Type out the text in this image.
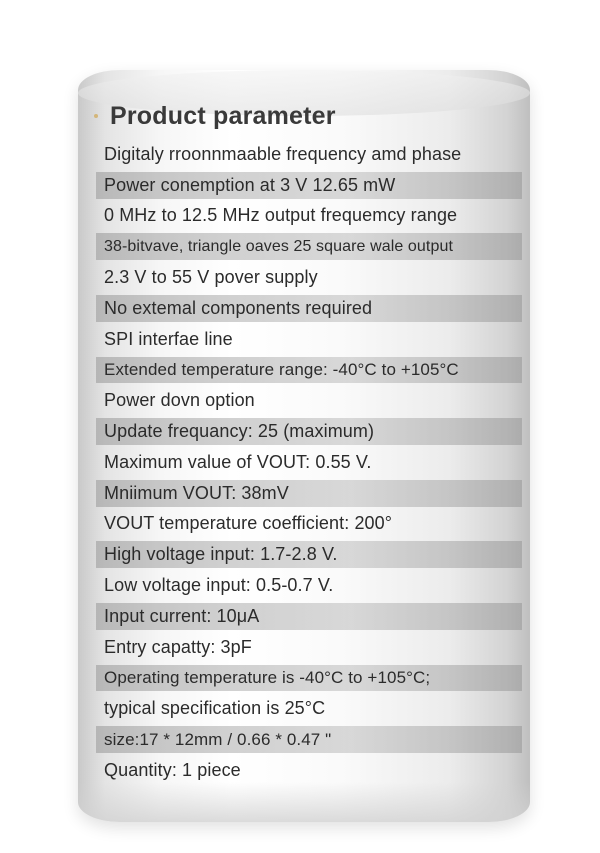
Product parameter
Digitaly rroonnmaable frequency amd phase
Power conemption at 3 V 12.65 mW
0 MHz to 12.5 MHz output frequemcy range
38-bitvave, triangle oaves 25 square wale output
2.3 V to 55 V pover supply
No extemal components required
SPI interfae line
Extended temperature range: -40°C to +105°C
Power dovn option
Update frequancy: 25 (maximum)
Maximum value of VOUT: 0.55 V.
Mniimum VOUT: 38mV
VOUT temperature coefficient: 200°
High voltage input: 1.7-2.8 V.
Low voltage input: 0.5-0.7 V.
Input current: 10μA
Entry capatty: 3pF
Operating temperature is -40°C to +105°C;
typical specification is 25°C
size:17 * 12mm / 0.66 * 0.47 "
Quantity: 1 piece
